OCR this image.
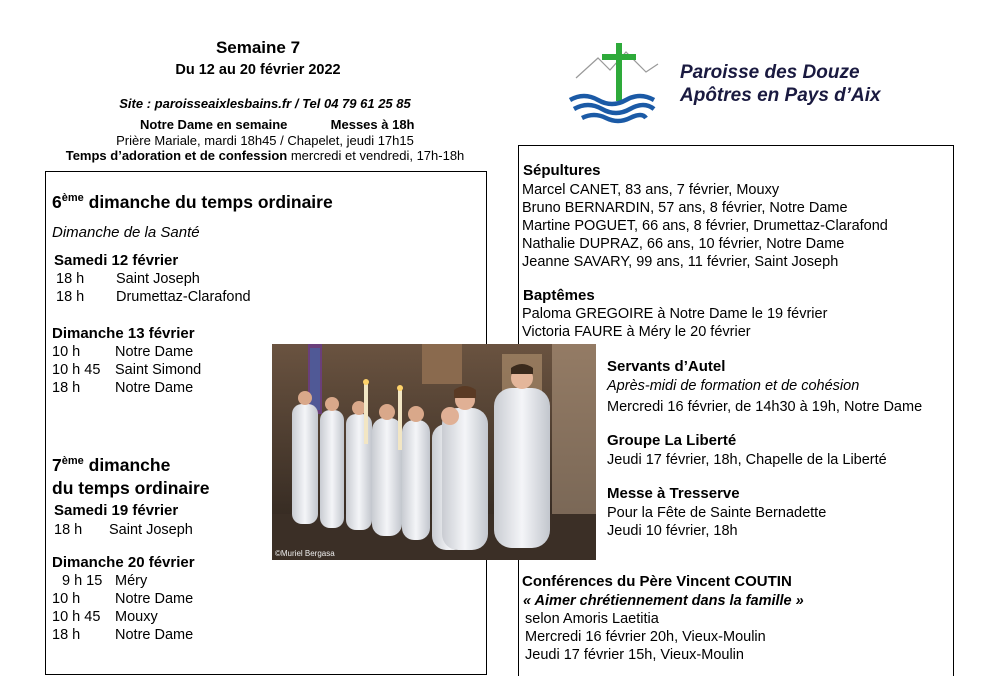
Semaine 7
Du 12 au 20 février 2022
Site : paroisseaixlesbains.fr / Tel 04 79 61 25 85
Notre Dame en semaine	Messes à 18h
Prière Mariale, mardi 18h45 / Chapelet, jeudi 17h15
Temps d’adoration et de confession mercredi et vendredi, 17h-18h
Paroisse des Douze
Apôtres en Pays d’Aix
6ème dimanche du temps ordinaire
Dimanche de la Santé
Samedi 12 février
18 h Saint Joseph
18 h Drumettaz-Clarafond
Dimanche 13 février
10 h Notre Dame
10 h 45 Saint Simond
18 h Notre Dame
7ème dimanche
du temps ordinaire
Samedi 19 février
18 h Saint Joseph
Dimanche 20 février
9 h 15 Méry
10 h Notre Dame
10 h 45 Mouxy
18 h Notre Dame
Sépultures
Marcel CANET, 83 ans, 7 février, Mouxy
Bruno BERNARDIN, 57 ans, 8 février, Notre Dame
Martine POGUET, 66 ans, 8 février, Drumettaz-Clarafond
Nathalie DUPRAZ, 66 ans, 10 février, Notre Dame
Jeanne SAVARY, 99 ans, 11 février, Saint Joseph
Baptêmes
Paloma GREGOIRE à Notre Dame le 19 février
Victoria FAURE à Méry le 20 février
Servants d’Autel
Après-midi de formation et de cohésion
Mercredi 16 février, de 14h30 à 19h, Notre Dame
Groupe La Liberté
Jeudi 17 février, 18h, Chapelle de la Liberté
Messe à Tresserve
Pour la Fête de Sainte Bernadette
Jeudi 10 février, 18h
Conférences du Père Vincent COUTIN
« Aimer chrétiennement dans la famille »
selon Amoris Laetitia
Mercredi 16 février 20h, Vieux-Moulin
Jeudi 17 février 15h, Vieux-Moulin
©Muriel Bergasa
